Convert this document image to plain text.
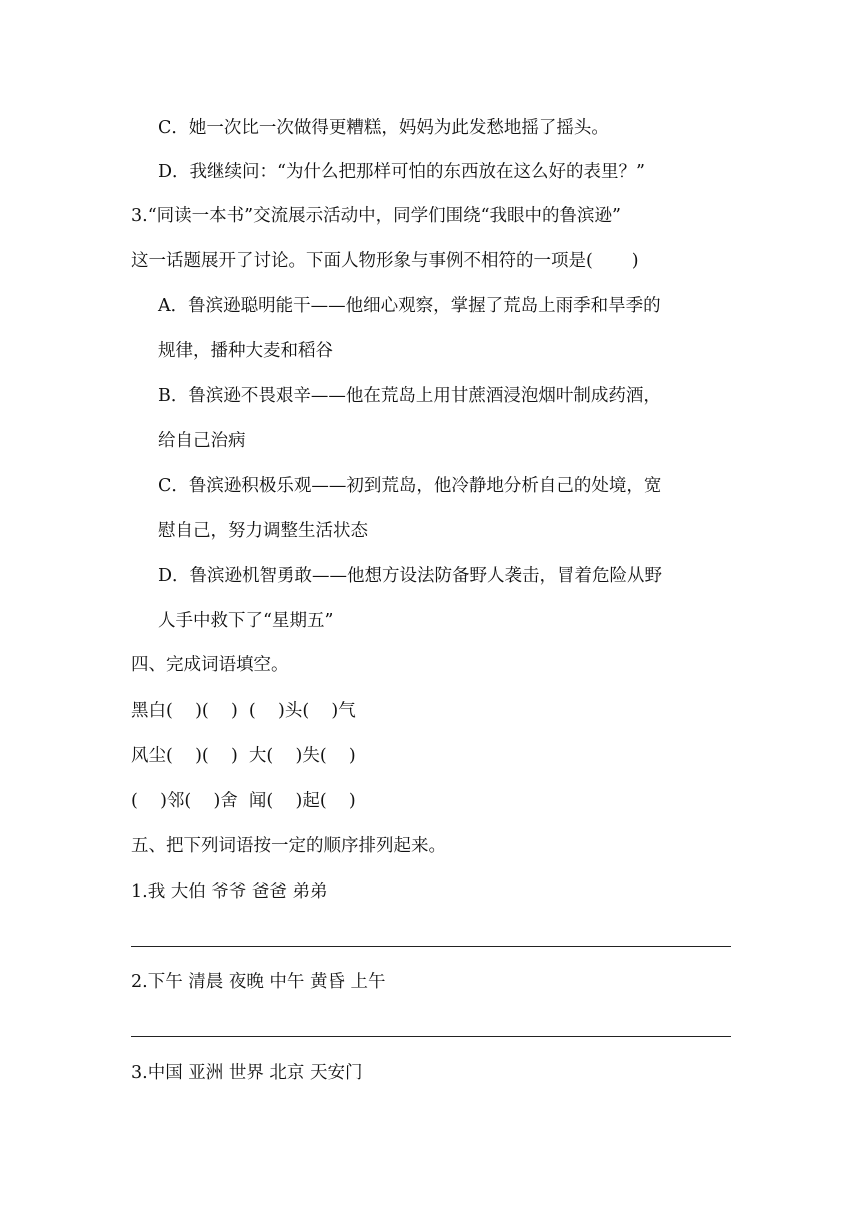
C．她一次比一次做得更糟糕，妈妈为此发愁地摇了摇头。
D．我继续问：“为什么把那样可怕的东西放在这么好的表里？”
3.“同读一本书”交流展示活动中，同学们围绕“我眼中的鲁滨逊”
这一话题展开了讨论。下面人物形象与事例不相符的一项是(       )
A．鲁滨逊聪明能干——他细心观察，掌握了荒岛上雨季和旱季的
规律，播种大麦和稻谷
B．鲁滨逊不畏艰辛——他在荒岛上用甘蔗酒浸泡烟叶制成药酒，
给自己治病
C．鲁滨逊积极乐观——初到荒岛，他冷静地分析自己的处境，宽
慰自己，努力调整生活状态
D．鲁滨逊机智勇敢——他想方设法防备野人袭击，冒着危险从野
人手中救下了“星期五”
四、完成词语填空。
黑白(    )(    )  (    )头(    )气
风尘(    )(    )  大(    )失(    )
(    )邻(    )舍  闻(    )起(    )
五、把下列词语按一定的顺序排列起来。
1.我 大伯 爷爷 爸爸 弟弟
2.下午 清晨 夜晚 中午 黄昏 上午
3.中国 亚洲 世界 北京 天安门
